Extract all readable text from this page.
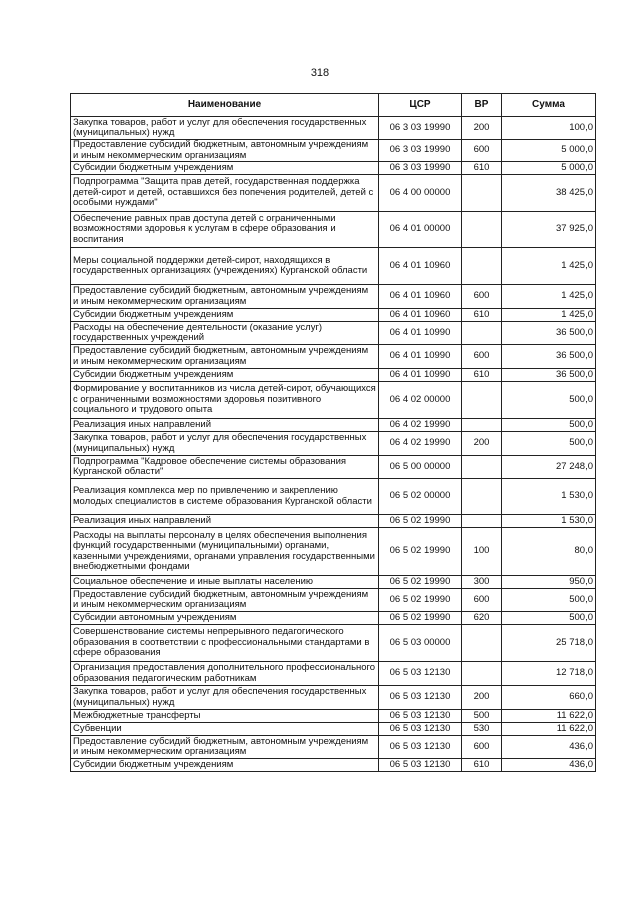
318
Наименование	ЦСР	ВР	Сумма
Закупка товаров, работ и услуг для обеспечения государственных (муниципальных) нужд	06 3 03 19990	200	100,0
Предоставление субсидий бюджетным, автономным учреждениям и иным некоммерческим организациям	06 3 03 19990	600	5 000,0
Субсидии бюджетным учреждениям	06 3 03 19990	610	5 000,0
Подпрограмма "Защита прав детей, государственная поддержка детей-сирот и детей, оставшихся без попечения родителей, детей с особыми нуждами"	06 4 00 00000		38 425,0
Обеспечение равных прав доступа детей с ограниченными возможностями здоровья к услугам в сфере образования и воспитания	06 4 01 00000		37 925,0
Меры социальной поддержки детей-сирот, находящихся в государственных организациях (учреждениях) Курганской области	06 4 01 10960		1 425,0
Предоставление субсидий бюджетным, автономным учреждениям и иным некоммерческим организациям	06 4 01 10960	600	1 425,0
Субсидии бюджетным учреждениям	06 4 01 10960	610	1 425,0
Расходы на обеспечение деятельности (оказание услуг) государственных учреждений	06 4 01 10990		36 500,0
Предоставление субсидий бюджетным, автономным учреждениям и иным некоммерческим организациям	06 4 01 10990	600	36 500,0
Субсидии бюджетным учреждениям	06 4 01 10990	610	36 500,0
Формирование у воспитанников из числа детей-сирот, обучающихся с ограниченными возможностями здоровья позитивного социального и трудового опыта	06 4 02 00000		500,0
Реализация иных направлений	06 4 02 19990		500,0
Закупка товаров, работ и услуг для обеспечения государственных (муниципальных) нужд	06 4 02 19990	200	500,0
Подпрограмма "Кадровое обеспечение системы образования Курганской области"	06 5 00 00000		27 248,0
Реализация комплекса мер по привлечению и закреплению молодых специалистов в системе образования Курганской области	06 5 02 00000		1 530,0
Реализация иных направлений	06 5 02 19990		1 530,0
Расходы на выплаты персоналу в целях обеспечения выполнения функций государственными (муниципальными) органами, казенными учреждениями, органами управления государственными внебюджетными фондами	06 5 02 19990	100	80,0
Социальное обеспечение и иные выплаты населению	06 5 02 19990	300	950,0
Предоставление субсидий бюджетным, автономным учреждениям и иным некоммерческим организациям	06 5 02 19990	600	500,0
Субсидии автономным учреждениям	06 5 02 19990	620	500,0
Совершенствование системы непрерывного педагогического образования в соответствии с профессиональными стандартами в сфере образования	06 5 03 00000		25 718,0
Организация предоставления дополнительного профессионального образования педагогическим работникам	06 5 03 12130		12 718,0
Закупка товаров, работ и услуг для обеспечения государственных (муниципальных) нужд	06 5 03 12130	200	660,0
Межбюджетные трансферты	06 5 03 12130	500	11 622,0
Субвенции	06 5 03 12130	530	11 622,0
Предоставление субсидий бюджетным, автономным учреждениям и иным некоммерческим организациям	06 5 03 12130	600	436,0
Субсидии бюджетным учреждениям	06 5 03 12130	610	436,0
